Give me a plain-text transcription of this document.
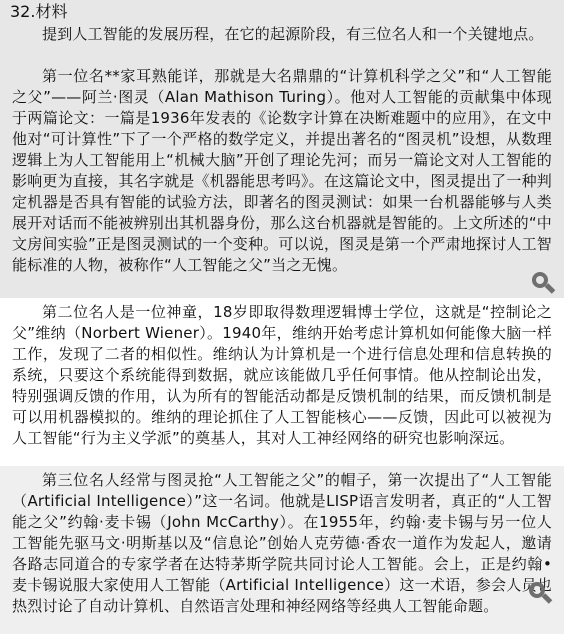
32.材料
提到人工智能的发展历程，在它的起源阶段，有三位名人和一个关键地点。
第一位名**家耳熟能详，那就是大名鼎鼎的“计算机科学之父”和“人工智能之父”——阿兰·图灵（Alan Mathison Turing）。他对人工智能的贡献集中体现于两篇论文：一篇是1936年发表的《论数字计算在决断难题中的应用》，在文中他对“可计算性”下了一个严格的数学定义，并提出著名的“图灵机”设想，从数理逻辑上为人工智能用上“机械大脑”开创了理论先河；而另一篇论文对人工智能的影响更为直接，其名字就是《机器能思考吗》。在这篇论文中，图灵提出了一种判定机器是否具有智能的试验方法，即著名的图灵测试：如果一台机器能够与人类展开对话而不能被辨别出其机器身份，那么这台机器就是智能的。上文所述的“中文房间实验”正是图灵测试的一个变种。可以说，图灵是第一个严肃地探讨人工智能标准的人物，被称作“人工智能之父”当之无愧。
第二位名人是一位神童，18岁即取得数理逻辑博士学位，这就是“控制论之父”维纳（Norbert Wiener）。1940年，维纳开始考虑计算机如何能像大脑一样工作，发现了二者的相似性。维纳认为计算机是一个进行信息处理和信息转换的系统，只要这个系统能得到数据，就应该能做几乎任何事情。他从控制论出发，特别强调反馈的作用，认为所有的智能活动都是反馈机制的结果，而反馈机制是可以用机器模拟的。维纳的理论抓住了人工智能核心——反馈，因此可以被视为人工智能“行为主义学派”的奠基人，其对人工神经网络的研究也影响深远。
第三位名人经常与图灵抢“人工智能之父”的帽子，第一次提出了“人工智能（Artificial Intelligence）”这一名词。他就是LISP语言发明者，真正的“人工智能之父”约翰·麦卡锡（John McCarthy）。在1955年，约翰·麦卡锡与另一位人工智能先驱马文·明斯基以及“信息论”创始人克劳德·香农一道作为发起人，邀请各路志同道合的专家学者在达特茅斯学院共同讨论人工智能。会上，正是约翰•麦卡锡说服大家使用人工智能（Artificial Intelligence）这一术语，参会人员也热烈讨论了自动计算机、自然语言处理和神经网络等经典人工智能命题。
